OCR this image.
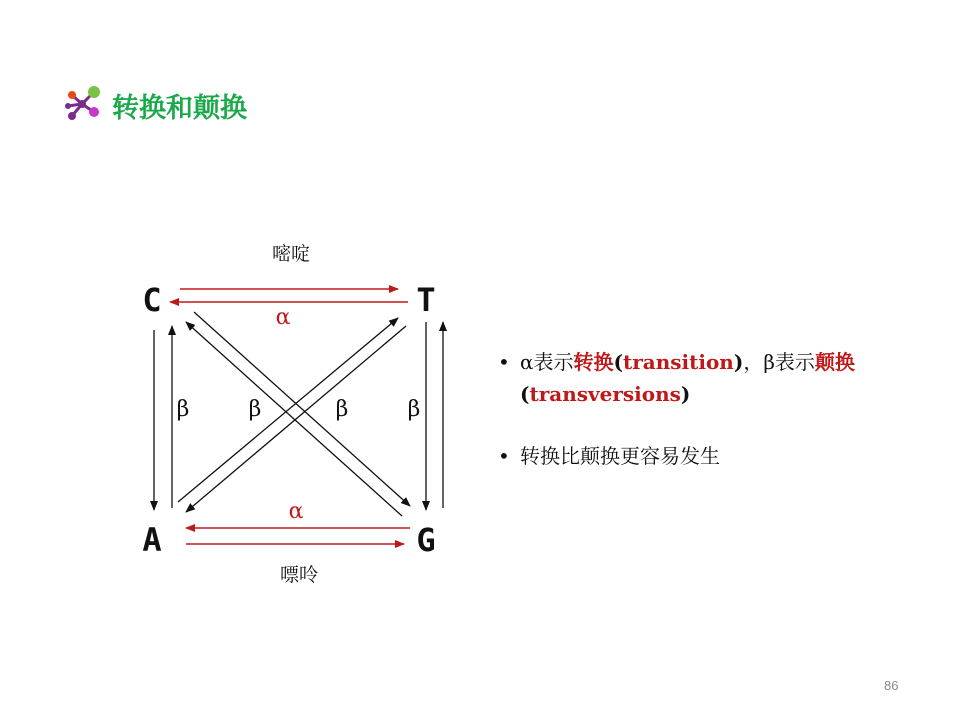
转换和颠换
嘧啶
嘌呤
C	T
A	G
α
α
β	β	β	β
• α表示转换(transition)，β表示颠换
(transversions)
• 转换比颠换更容易发生
86
